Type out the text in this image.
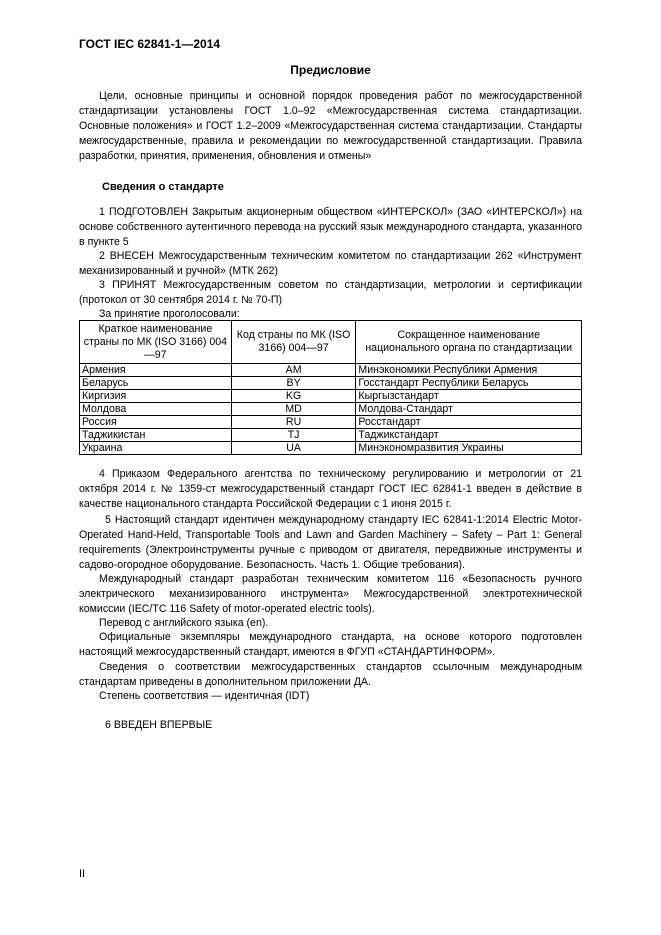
ГОСТ IEC 62841-1—2014

Предисловие

Цели, основные принципы и основной порядок проведения работ по межгосударственной стандартизации установлены ГОСТ 1.0–92 «Межгосударственная система стандартизации. Основные положения» и ГОСТ 1.2–2009 «Межгосударственная система стандартизации. Стандарты межгосударственные, правила и рекомендации по межгосударственной стандартизации. Правила разработки, принятия, применения, обновления и отмены»

Сведения о стандарте

1 ПОДГОТОВЛЕН Закрытым акционерным обществом «ИНТЕРСКОЛ» (ЗАО «ИНТЕРСКОЛ») на основе собственного аутентичного перевода на русский язык международного стандарта, указанного в пункте 5

2 ВНЕСЕН Межгосударственным техническим комитетом по стандартизации 262 «Инструмент механизированный и ручной» (МТК 262)

3 ПРИНЯТ Межгосударственным советом по стандартизации, метрологии и сертификации (протокол от 30 сентября 2014 г. № 70-П)

За принятие проголосовали:

Краткое наименование страны по МК (ISO 3166) 004—97	Код страны по МК (ISO 3166) 004—97	Сокращенное наименование национального органа по стандартизации
Армения	AM	Минэкономики Республики Армения
Беларусь	BY	Госстандарт Республики Беларусь
Киргизия	KG	Кыргызстандарт
Молдова	MD	Молдова-Стандарт
Россия	RU	Росстандарт
Таджикистан	TJ	Таджикстандарт
Украина	UA	Минэкономразвития Украины

4 Приказом Федерального агентства по техническому регулированию и метрологии от 21 октября 2014 г. № 1359-ст межгосударственный стандарт ГОСТ IEC 62841-1 введен в действие в качестве национального стандарта Российской Федерации с 1 июня 2015 г.

5 Настоящий стандарт идентичен международному стандарту IEC 62841-1:2014 Electric Motor-Operated Hand-Held, Transportable Tools and Lawn and Garden Machinery – Safety – Part 1: General requirements (Электроинструменты ручные с приводом от двигателя, передвижные инструменты и садово-огородное оборудование. Безопасность. Часть 1. Общие требования).

Международный стандарт разработан техническим комитетом 116 «Безопасность ручного электрического механизированного инструмента» Межгосударственной электротехнической комиссии (IEC/TC 116 Safety of motor-operated electric tools).

Перевод с английского языка (en).

Официальные экземпляры международного стандарта, на основе которого подготовлен настоящий межгосударственный стандарт, имеются в ФГУП «СТАНДАРТИНФОРМ».

Сведения о соответствии межгосударственных стандартов ссылочным международным стандартам приведены в дополнительном приложении ДА.

Степень соответствия — идентичная (IDT)

6 ВВЕДЕН ВПЕРВЫЕ

II
